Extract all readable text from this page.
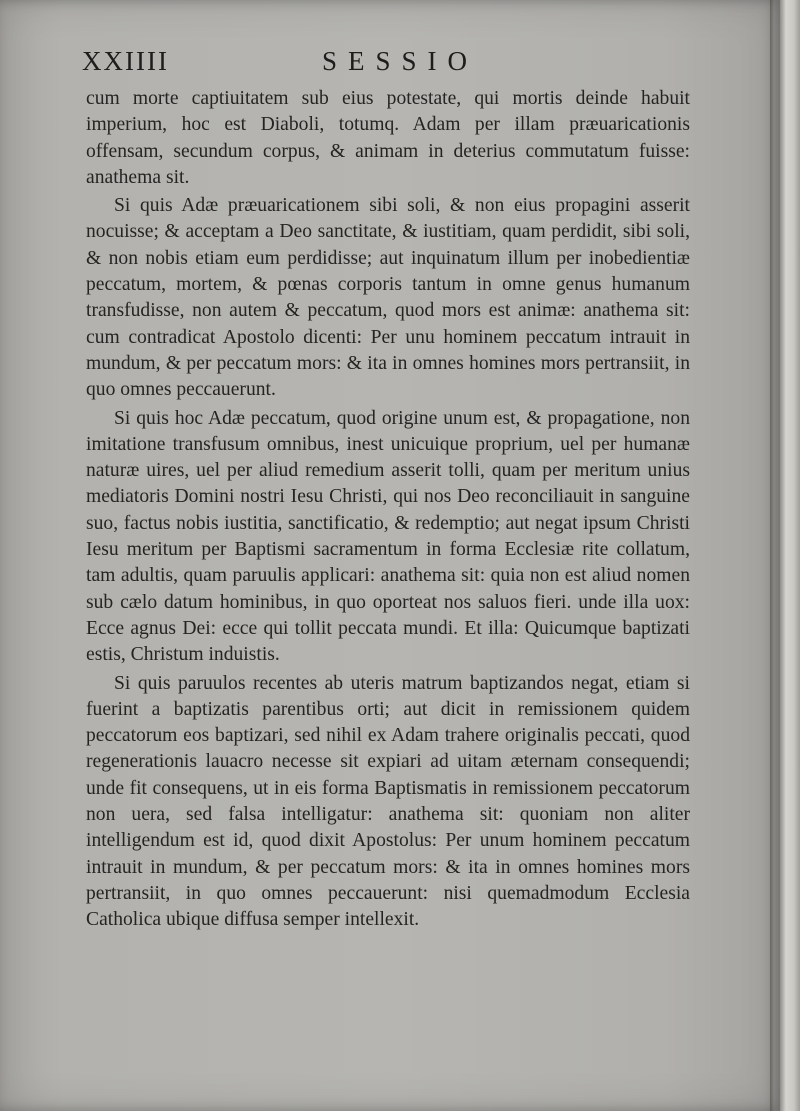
XXIIII	SESSIO

cum morte captiuitatem sub eius potestate, qui mortis deinde habuit imperium, hoc est Diaboli, totumq. Adam per illam præuaricationis offensam, secundum corpus, & animam in deterius commutatum fuisse: anathema sit.

Si quis Adæ præuaricationem sibi soli, & non eius propagini asserit nocuisse; & acceptam a Deo sanctitate, & iustitiam, quam perdidit, sibi soli, & non nobis etiam eum perdidisse; aut inquinatum illum per inobedientiæ peccatum, mortem, & pœnas corporis tantum in omne genus humanum transfudisse, non autem & peccatum, quod mors est animæ: anathema sit: cum contradicat Apostolo dicenti: Per unu hominem peccatum intrauit in mundum, & per peccatum mors: & ita in omnes homines mors pertransiit, in quo omnes peccauerunt.

Si quis hoc Adæ peccatum, quod origine unum est, & propagatione, non imitatione transfusum omnibus, inest unicuique proprium, uel per humanæ naturæ uires, uel per aliud remedium asserit tolli, quam per meritum unius mediatoris Domini nostri Iesu Christi, qui nos Deo reconciliauit in sanguine suo, factus nobis iustitia, sanctificatio, & redemptio; aut negat ipsum Christi Iesu meritum per Baptismi sacramentum in forma Ecclesiæ rite collatum, tam adultis, quam paruulis applicari: anathema sit: quia non est aliud nomen sub cælo datum hominibus, in quo oporteat nos saluos fieri. unde illa uox: Ecce agnus Dei: ecce qui tollit peccata mundi. Et illa: Quicumque baptizati estis, Christum induistis.

Si quis paruulos recentes ab uteris matrum baptizandos negat, etiam si fuerint a baptizatis parentibus orti; aut dicit in remissionem quidem peccatorum eos baptizari, sed nihil ex Adam trahere originalis peccati, quod regenerationis lauacro necesse sit expiari ad uitam æternam consequendi; unde fit consequens, ut in eis forma Baptismatis in remissionem peccatorum non uera, sed falsa intelligatur: anathema sit: quoniam non aliter intelligendum est id, quod dixit Apostolus: Per unum hominem peccatum intrauit in mundum, & per peccatum mors: & ita in omnes homines mors pertransiit, in quo omnes peccauerunt: nisi quemadmodum Ecclesia Catholica ubique diffusa semper intellexit.
